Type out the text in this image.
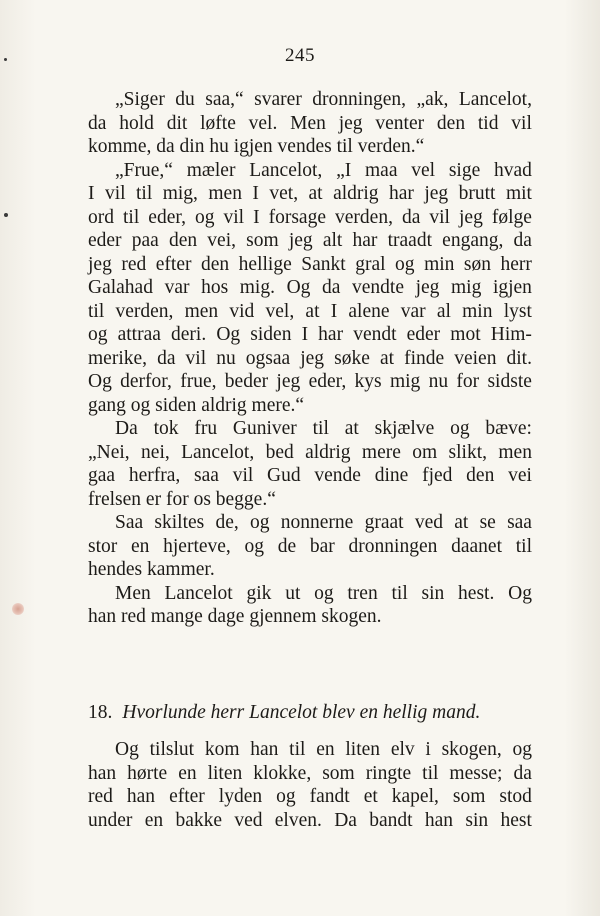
245
„Siger du saa,“ svarer dronningen, „ak, Lancelot,
da hold dit løfte vel. Men jeg venter den tid vil
komme, da din hu igjen vendes til verden.“
„Frue,“ mæler Lancelot, „I maa vel sige hvad
I vil til mig, men I vet, at aldrig har jeg brutt mit
ord til eder, og vil I forsage verden, da vil jeg følge
eder paa den vei, som jeg alt har traadt engang, da
jeg red efter den hellige Sankt gral og min søn herr
Galahad var hos mig. Og da vendte jeg mig igjen
til verden, men vid vel, at I alene var al min lyst
og attraa deri. Og siden I har vendt eder mot Him-
merike, da vil nu ogsaa jeg søke at finde veien dit.
Og derfor, frue, beder jeg eder, kys mig nu for sidste
gang og siden aldrig mere.“
Da tok fru Guniver til at skjælve og bæve:
„Nei, nei, Lancelot, bed aldrig mere om slikt, men
gaa herfra, saa vil Gud vende dine fjed den vei
frelsen er for os begge.“
Saa skiltes de, og nonnerne graat ved at se saa
stor en hjerteve, og de bar dronningen daanet til
hendes kammer.
Men Lancelot gik ut og tren til sin hest. Og
han red mange dage gjennem skogen.
18. Hvorlunde herr Lancelot blev en hellig mand.
Og tilslut kom han til en liten elv i skogen, og
han hørte en liten klokke, som ringte til messe; da
red han efter lyden og fandt et kapel, som stod
under en bakke ved elven. Da bandt han sin hest
